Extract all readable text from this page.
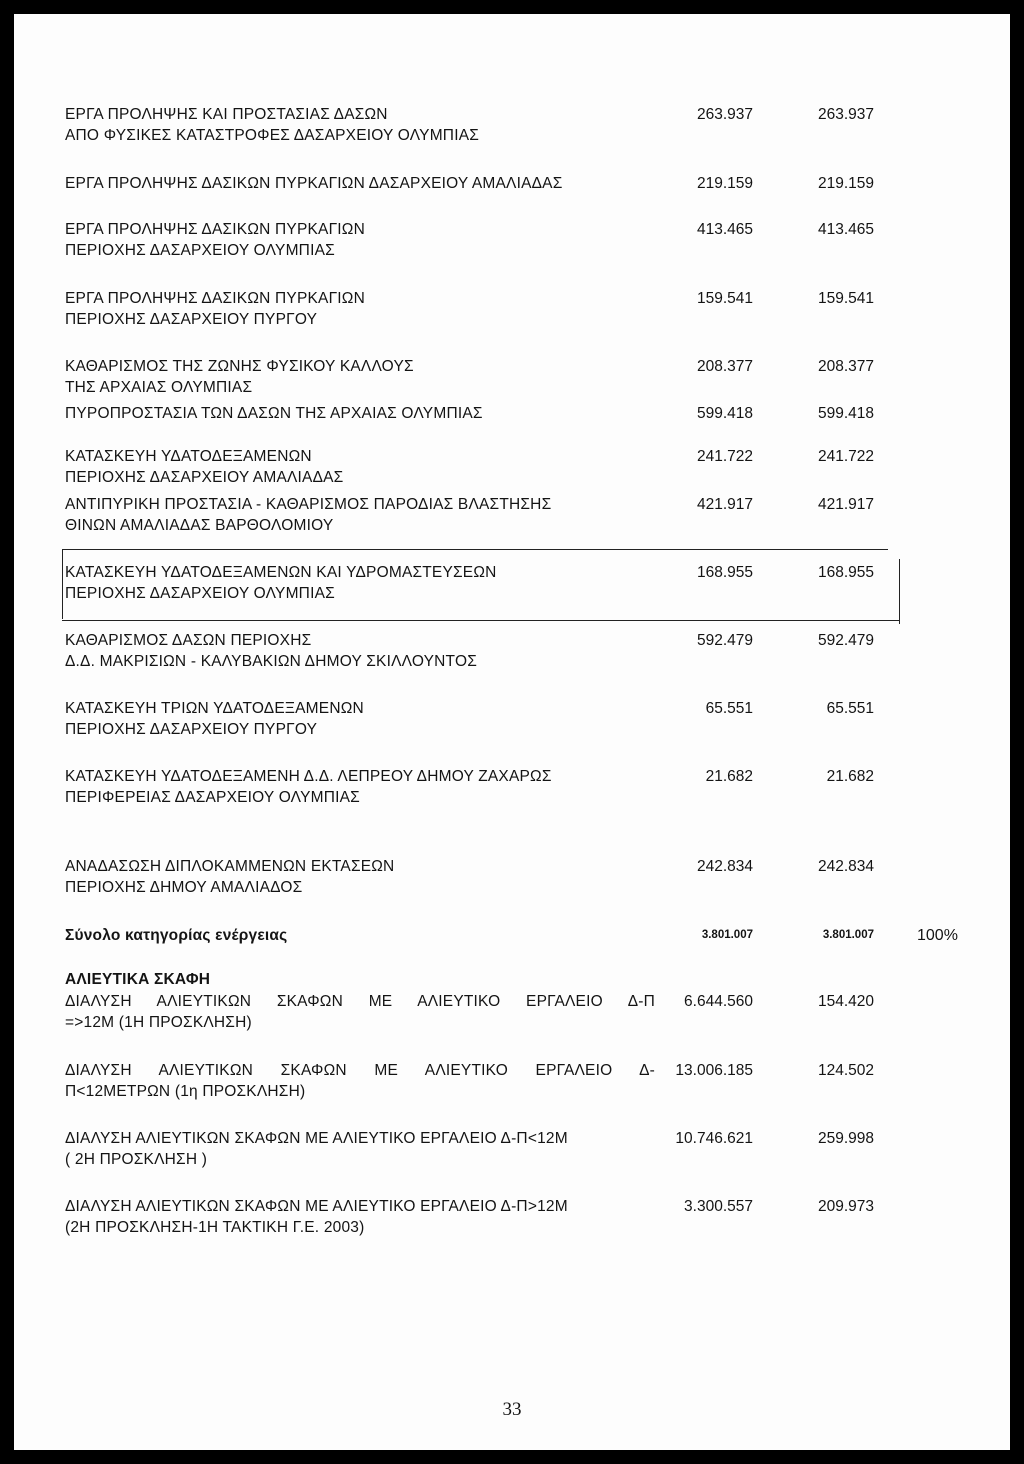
ΕΡΓΑ ΠΡΟΛΗΨΗΣ ΚΑΙ ΠΡΟΣΤΑΣΙΑΣ ΔΑΣΩΝ
ΑΠΟ ΦΥΣΙΚΕΣ ΚΑΤΑΣΤΡΟΦΕΣ ΔΑΣΑΡΧΕΙΟΥ ΟΛΥΜΠΙΑΣ
263.937	263.937
ΕΡΓΑ ΠΡΟΛΗΨΗΣ ΔΑΣΙΚΩΝ ΠΥΡΚΑΓΙΩΝ ΔΑΣΑΡΧΕΙΟΥ ΑΜΑΛΙΑΔΑΣ	219.159	219.159
ΕΡΓΑ ΠΡΟΛΗΨΗΣ ΔΑΣΙΚΩΝ ΠΥΡΚΑΓΙΩΝ
ΠΕΡΙΟΧΗΣ ΔΑΣΑΡΧΕΙΟΥ ΟΛΥΜΠΙΑΣ
413.465	413.465
ΕΡΓΑ ΠΡΟΛΗΨΗΣ ΔΑΣΙΚΩΝ ΠΥΡΚΑΓΙΩΝ
ΠΕΡΙΟΧΗΣ ΔΑΣΑΡΧΕΙΟΥ ΠΥΡΓΟΥ
159.541	159.541
ΚΑΘΑΡΙΣΜΟΣ ΤΗΣ ΖΩΝΗΣ ΦΥΣΙΚΟΥ ΚΑΛΛΟΥΣ
ΤΗΣ ΑΡΧΑΙΑΣ ΟΛΥΜΠΙΑΣ
208.377	208.377
ΠΥΡΟΠΡΟΣΤΑΣΙΑ ΤΩΝ ΔΑΣΩΝ ΤΗΣ ΑΡΧΑΙΑΣ ΟΛΥΜΠΙΑΣ	599.418	599.418
ΚΑΤΑΣΚΕΥΗ ΥΔΑΤΟΔΕΞΑΜΕΝΩΝ
ΠΕΡΙΟΧΗΣ ΔΑΣΑΡΧΕΙΟΥ ΑΜΑΛΙΑΔΑΣ
241.722	241.722
ΑΝΤΙΠΥΡΙΚΗ ΠΡΟΣΤΑΣΙΑ - ΚΑΘΑΡΙΣΜΟΣ ΠΑΡΟΔΙΑΣ ΒΛΑΣΤΗΣΗΣ
ΘΙΝΩΝ ΑΜΑΛΙΑΔΑΣ ΒΑΡΘΟΛΟΜΙΟΥ
421.917	421.917
ΚΑΤΑΣΚΕΥΗ ΥΔΑΤΟΔΕΞΑΜΕΝΩΝ ΚΑΙ ΥΔΡΟΜΑΣΤΕΥΣΕΩΝ
ΠΕΡΙΟΧΗΣ ΔΑΣΑΡΧΕΙΟΥ ΟΛΥΜΠΙΑΣ
168.955	168.955
ΚΑΘΑΡΙΣΜΟΣ ΔΑΣΩΝ ΠΕΡΙΟΧΗΣ
Δ.Δ. ΜΑΚΡΙΣΙΩΝ - ΚΑΛΥΒΑΚΙΩΝ ΔΗΜΟΥ ΣΚΙΛΛΟΥΝΤΟΣ
592.479	592.479
ΚΑΤΑΣΚΕΥΗ ΤΡΙΩΝ ΥΔΑΤΟΔΕΞΑΜΕΝΩΝ
ΠΕΡΙΟΧΗΣ ΔΑΣΑΡΧΕΙΟΥ ΠΥΡΓΟΥ
65.551	65.551
ΚΑΤΑΣΚΕΥΗ ΥΔΑΤΟΔΕΞΑΜΕΝΗ Δ.Δ. ΛΕΠΡΕΟΥ ΔΗΜΟΥ ΖΑΧΑΡΩΣ
ΠΕΡΙΦΕΡΕΙΑΣ ΔΑΣΑΡΧΕΙΟΥ ΟΛΥΜΠΙΑΣ
21.682	21.682
ΑΝΑΔΑΣΩΣΗ ΔΙΠΛΟΚΑΜΜΕΝΩΝ ΕΚΤΑΣΕΩΝ
ΠΕΡΙΟΧΗΣ ΔΗΜΟΥ ΑΜΑΛΙΑΔΟΣ
242.834	242.834
Σύνολο κατηγορίας ενέργειας	3.801.007	3.801.007	100%
ΑΛΙΕΥΤΙΚΑ ΣΚΑΦΗ
ΔΙΑΛΥΣΗ ΑΛΙΕΥΤΙΚΩΝ ΣΚΑΦΩΝ ΜΕ ΑΛΙΕΥΤΙΚΟ ΕΡΓΑΛΕΙΟ Δ-Π
=>12Μ (1Η ΠΡΟΣΚΛΗΣΗ)
6.644.560	154.420
ΔΙΑΛΥΣΗ ΑΛΙΕΥΤΙΚΩΝ ΣΚΑΦΩΝ ΜΕ ΑΛΙΕΥΤΙΚΟ ΕΡΓΑΛΕΙΟ Δ-
Π<12ΜΕΤΡΩΝ (1η ΠΡΟΣΚΛΗΣΗ)
13.006.185	124.502
ΔΙΑΛΥΣΗ ΑΛΙΕΥΤΙΚΩΝ ΣΚΑΦΩΝ ΜΕ ΑΛΙΕΥΤΙΚΟ ΕΡΓΑΛΕΙΟ Δ-Π<12Μ
( 2Η ΠΡΟΣΚΛΗΣΗ )
10.746.621	259.998
ΔΙΑΛΥΣΗ ΑΛΙΕΥΤΙΚΩΝ ΣΚΑΦΩΝ ΜΕ ΑΛΙΕΥΤΙΚΟ ΕΡΓΑΛΕΙΟ Δ-Π>12Μ
(2Η ΠΡΟΣΚΛΗΣΗ-1Η ΤΑΚΤΙΚΗ Γ.Ε. 2003)
3.300.557	209.973
33
